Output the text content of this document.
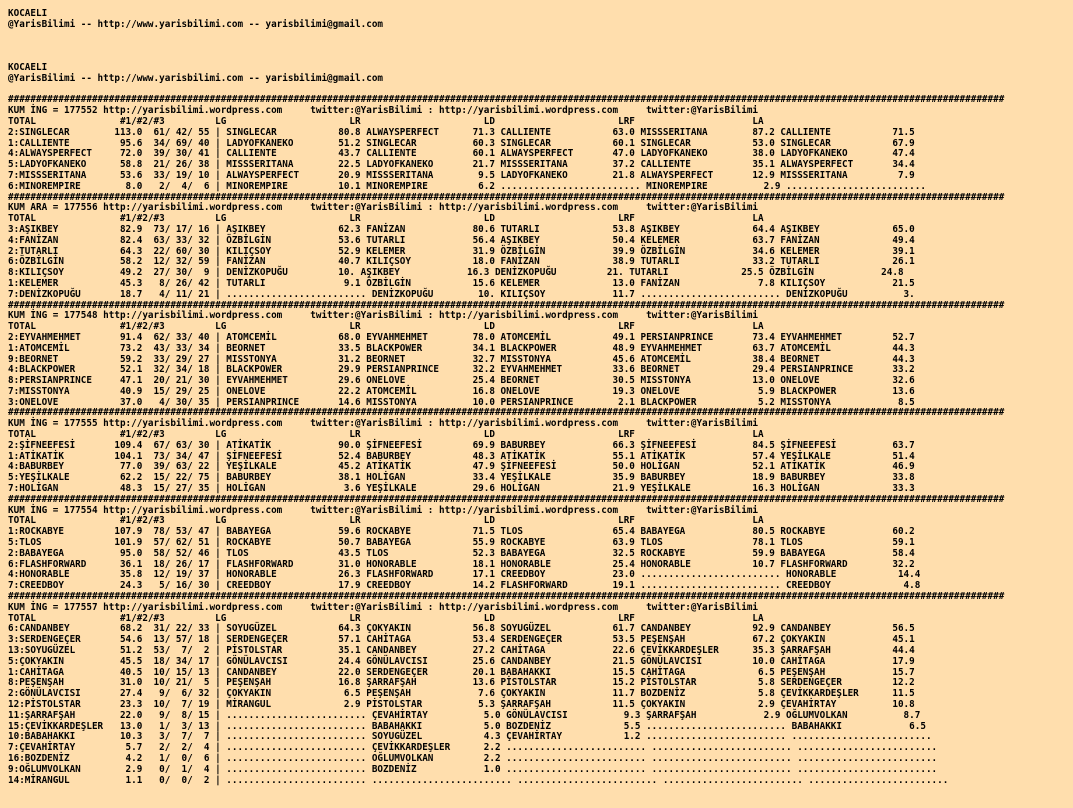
KOCAELI
@YarisBilimi -- http://www.yarisbilimi.com -- yarisbilimi@gmail.com
KOCAELI
@YarisBilimi -- http://www.yarisbilimi.com -- yarisbilimi@gmail.com
##################################################################################################################################################################################
KUM İNG = 177552 http://yarisbilimi.wordpress.com     twitter:@YarisBilimi : http://yarisbilimi.wordpress.com     twitter:@YarisBilimi
TOTAL               #1/#2/#3         LG                      LR                      LD                      LRF                     LA
2:SINGLECAR        113.0  61/ 42/ 55 | SINGLECAR           80.8 ALWAYSPERFECT      71.3 CALLIENTE           63.0 MISSSERITANA        87.2 CALLIENTE           71.5
1:CALLIENTE         95.6  34/ 69/ 40 | LADYOFKANEKO        51.2 SINGLECAR          60.3 SINGLECAR           60.1 SINGLECAR           53.0 SINGLECAR           67.9
4:ALWAYSPERFECT     72.0  39/ 30/ 41 | CALLIENTE           43.7 CALLIENTE          60.1 ALWAYSPERFECT       47.0 LADYOFKANEKO        38.0 LADYOFKANEKO        47.4
5:LADYOFKANEKO      58.8  21/ 26/ 38 | MISSSERITANA        22.5 LADYOFKANEKO       21.7 MISSSERITANA        37.2 CALLIENTE           35.1 ALWAYSPERFECT       34.4
7:MISSSERITANA      53.6  33/ 19/ 10 | ALWAYSPERFECT       20.9 MISSSERITANA        9.5 LADYOFKANEKO        21.8 ALWAYSPERFECT       12.9 MISSSERITANA         7.9
6:MINOREMPIRE        8.0   2/  4/  6 | MINOREMPIRE         10.1 MINOREMPIRE         6.2 ......................... MINOREMPIRE          2.9 .........................
##################################################################################################################################################################################
KUM ARA = 177556 http://yarisbilimi.wordpress.com     twitter:@YarisBilimi : http://yarisbilimi.wordpress.com     twitter:@YarisBilimi
TOTAL               #1/#2/#3         LG                      LR                      LD                      LRF                     LA
3:AŞIKBEY           82.9  73/ 17/ 16 | AŞIKBEY             62.3 FANİZAN            80.6 TUTARLI             53.8 AŞIKBEY             64.4 AŞIKBEY             65.0
4:FANİZAN           82.4  63/ 33/ 32 | ÖZBİLGİN            53.6 TUTARLI            56.4 AŞIKBEY             50.4 KELEMER             63.7 FANİZAN             49.4
2:TUTARLI           64.3  22/ 60/ 30 | KILIÇSOY            52.9 KELEMER            31.9 ÖZBİLGİN            39.9 ÖZBİLGİN            34.6 KELEMER             39.1
6:ÖZBİLGİN          58.2  12/ 32/ 59 | FANİZAN             40.7 KILIÇSOY           18.0 FANİZAN             38.9 TUTARLI             33.2 TUTARLI             26.1
8:KILIÇSOY          49.2  27/ 30/  9 | DENİZKOPUĞU         10. AŞIKBEY            16.3 DENİZKOPUĞU         21. TUTARLI             25.5 ÖZBİLGİN            24.8
1:KELEMER           45.3   8/ 26/ 42 | TUTARLI              9.1 ÖZBİLGİN           15.6 KELEMER             13.0 FANİZAN              7.8 KILIÇSOY            21.5
7:DENİZKOPUĞU       18.7   4/ 11/ 21 | ......................... DENİZKOPUĞU        10. KILIÇSOY            11.7 ......................... DENİZKOPUĞU          3.
##################################################################################################################################################################################
KUM İNG = 177548 http://yarisbilimi.wordpress.com     twitter:@YarisBilimi : http://yarisbilimi.wordpress.com     twitter:@YarisBilimi
TOTAL               #1/#2/#3         LG                      LR                      LD                      LRF                     LA
2:EYVAHMEHMET       91.4  62/ 33/ 40 | ATOMCEMİL           68.0 EYVAHMEHMET        78.0 ATOMCEMİL           49.1 PERSIANPRINCE       73.4 EYVAHMEHMET         52.7
1:ATOMCEMİL         73.2  43/ 33/ 34 | BEORNET             33.5 BLACKPOWER         34.1 BLACKPOWER          48.9 EYVAHMEHMET         63.7 ATOMCEMİL           44.3
9:BEORNET           59.2  33/ 29/ 27 | MISSTONYA           31.2 BEORNET            32.7 MISSTONYA           45.6 ATOMCEMİL           38.4 BEORNET             44.3
4:BLACKPOWER        52.1  32/ 34/ 18 | BLACKPOWER          29.9 PERSIANPRINCE      32.2 EYVAHMEHMET         33.6 BEORNET             29.4 PERSIANPRINCE       33.2
8:PERSIANPRINCE     47.1  20/ 21/ 30 | EYVAHMEHMET         29.6 ONELOVE            25.4 BEORNET             30.5 MISSTONYA           13.0 ONELOVE             32.6
7:MISSTONYA         40.9  15/ 29/ 25 | ONELOVE             22.2 ATOMCEMİL          16.8 ONELOVE             19.3 ONELOVE              5.9 BLACKPOWER          13.6
3:ONELOVE           37.0   4/ 30/ 35 | PERSIANPRINCE       14.6 MISSTONYA          10.0 PERSIANPRINCE        2.1 BLACKPOWER           5.2 MISSTONYA            8.5
##################################################################################################################################################################################
KUM İNG = 177555 http://yarisbilimi.wordpress.com     twitter:@YarisBilimi : http://yarisbilimi.wordpress.com     twitter:@YarisBilimi
TOTAL               #1/#2/#3         LG                      LR                      LD                      LRF                     LA
2:ŞİFNEEFESİ       109.4  67/ 63/ 30 | ATİKATİK            90.0 ŞİFNEEFESİ         69.9 BABURBEY            66.3 ŞİFNEEFESİ          84.5 ŞİFNEEFESİ          63.7
1:ATİKATİK         104.1  73/ 34/ 47 | ŞİFNEEFESİ          52.4 BABURBEY           48.3 ATİKATİK            55.1 ATİKATİK            57.4 YEŞİLKALE           51.4
4:BABURBEY          77.0  39/ 63/ 22 | YEŞİLKALE           45.2 ATİKATİK           47.9 ŞİFNEEFESİ          50.0 HOLİGAN             52.1 ATİKATİK            46.9
5:YEŞİLKALE         62.2  15/ 22/ 75 | BABURBEY            38.1 HOLİGAN            33.4 YEŞİLKALE           35.9 BABURBEY            18.9 BABURBEY            33.8
7:HOLİGAN           48.3  15/ 27/ 35 | HOLİGAN              3.6 YEŞİLKALE          29.6 HOLİGAN             21.9 YEŞİLKALE           16.3 HOLİGAN             33.3
##################################################################################################################################################################################
KUM İNG = 177554 http://yarisbilimi.wordpress.com     twitter:@YarisBilimi : http://yarisbilimi.wordpress.com     twitter:@YarisBilimi
TOTAL               #1/#2/#3         LG                      LR                      LD                      LRF                     LA
1:ROCKABYE         107.9  78/ 53/ 47 | BABAYEGA            59.6 ROCKABYE           71.5 TLOS                65.4 BABAYEGA            80.5 ROCKABYE            60.2
5:TLOS             101.9  57/ 62/ 51 | ROCKABYE            50.7 BABAYEGA           55.9 ROCKABYE            63.9 TLOS                78.1 TLOS                59.1
2:BABAYEGA          95.0  58/ 52/ 46 | TLOS                43.5 TLOS               52.3 BABAYEGA            32.5 ROCKABYE            59.9 BABAYEGA            58.4
6:FLASHFORWARD      36.1  18/ 26/ 17 | FLASHFORWARD        31.0 HONORABLE          18.1 HONORABLE           25.4 HONORABLE           10.7 FLASHFORWARD        32.2
4:HONORABLE         35.8  12/ 19/ 37 | HONORABLE           26.3 FLASHFORWARD       17.1 CREEDBOY            23.0 ......................... HONORABLE           14.4
7:CREEDBOY          24.3   5/ 16/ 30 | CREEDBOY            17.9 CREEDBOY           14.2 FLASHFORWARD        19.1 ......................... CREEDBOY             4.8
##################################################################################################################################################################################
KUM İNG = 177557 http://yarisbilimi.wordpress.com     twitter:@YarisBilimi : http://yarisbilimi.wordpress.com     twitter:@YarisBilimi
TOTAL               #1/#2/#3         LG                      LR                      LD                      LRF                     LA
6:CANDANBEY         68.2  31/ 22/ 33 | SOYUGÜZEL           64.3 ÇOKYAKIN           56.8 SOYUGÜZEL           61.7 CANDANBEY           92.9 CANDANBEY           56.5
3:SERDENGEÇER       54.6  13/ 57/ 18 | SERDENGEÇER         57.1 CAHİTAGA           53.4 SERDENGEÇER         53.5 PEŞENŞAH            67.2 ÇOKYAKIN            45.1
13:SOYUGÜZEL        51.2  53/  7/  2 | PİSTOLSTAR          35.1 CANDANBEY          27.2 CAHİTAGA            22.6 ÇEVİKKARDEŞLER      35.3 ŞARRAFŞAH           44.4
5:ÇOKYAKIN          45.5  18/ 34/ 17 | GÖNÜLAVCISI         24.4 GÖNÜLAVCISI        25.6 CANDANBEY           21.5 GÖNÜLAVCISI         10.0 CAHİTAGA            17.9
1:CAHİTAGA          40.5  10/ 15/ 13 | CANDANBEY           22.0 SERDENGEÇER        20.1 BABAHAKKI           15.5 CAHİTAGA             6.5 PEŞENŞAH            15.7
8:PEŞENŞAH          31.0  10/ 21/  5 | PEŞENŞAH            16.8 ŞARRAFŞAH          13.6 PİSTOLSTAR          15.2 PİSTOLSTAR           5.8 SERDENGEÇER         12.2
2:GÖNÜLAVCISI       27.4   9/  6/ 32 | ÇOKYAKIN             6.5 PEŞENŞAH            7.6 ÇOKYAKIN            11.7 BOZDENİZ             5.8 ÇEVİKKARDEŞLER      11.5
12:PİSTOLSTAR       23.3  10/  7/ 19 | MİRANGUL             2.9 PİSTOLSTAR          5.3 ŞARRAFŞAH           11.5 ÇOKYAKIN             2.9 ÇEVAHİRTAY          10.8
11:ŞARRAFŞAH        22.0   9/  8/ 15 | ......................... ÇEVAHİRTAY          5.0 GÖNÜLAVCISI          9.3 ŞARRAFŞAH            2.9 OĞLUMVOLKAN          8.7
15:ÇEVİKKARDEŞLER   13.0   1/  3/ 13 | ......................... BABAHAKKI           5.0 BOZDENİZ             5.5 ......................... BABAHAKKI            6.5
10:BABAHAKKI        10.3   3/  7/  7 | ......................... SOYUGÜZEL           4.3 ÇEVAHİRTAY           1.2 ......................... .........................
7:ÇEVAHİRTAY         5.7   2/  2/  4 | ......................... ÇEVİKKARDEŞLER      2.2 ......................... ......................... .........................
16:BOZDENİZ          4.2   1/  0/  6 | ......................... OĞLUMVOLKAN         2.2 ......................... ......................... .........................
9:OĞLUMVOLKAN        2.9   0/  1/  4 | ......................... BOZDENİZ            1.0 ......................... ......................... .........................
14:MİRANGUL          1.1   0/  0/  2 | ......................... ......................... ......................... ......................... .........................
